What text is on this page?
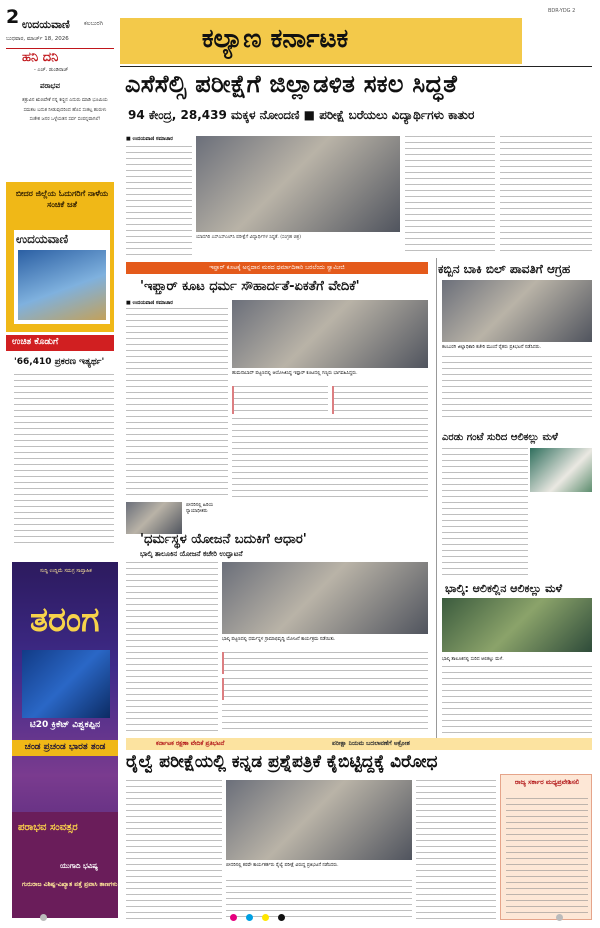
2 ಉದಯವಾಣಿ ಕಲಬುರಗಿ
ಬುಧವಾರ, ಮಾರ್ಚ್ 18, 2026	ಕಲ್ಯಾಣ ಕರ್ನಾಟಕ
BDR-YDG 2
ಹನಿ ದನಿ
- ಎಚ್. ಡುಂಡಿರಾಜ್
ಪರಾಭವ
ಶತ್ರುವಿನ ಋಣವೇಕೆ ನನ್ನ ಕಣ್ಣಿನ ಎದುರು ಮಾಡಿ ಭೂಮಿಯ ಸಮತಲ ಬದುಕ ನೀಡುವುದರಿಂದ ಹೊಸ ಸಂಕಲ್ಪ ಹುರುಳು ಸಂಕೇತ ಜನರ ಒಳ್ಳೆಯತನ ಸರ್ವ ಸಂಪನ್ನವಾಗಲೆ!
ಬೀದರ ಜಿಲ್ಲೆಯ ಓದುಗರಿಗೆ ನಾಳೆಯ ಸಂಚಿಕೆ ಜತೆ
ಉದಯವಾಣಿ
ಉಚಿತ ಕೊಡುಗೆ
'66,410 ಪ್ರಕರಣ ಇತ್ಯರ್ಥ'
ಸುದ್ದಿ ಉದ್ದಿಮೆ ಸಮಗ್ರ ಸಾಪ್ತಾಹಿಕ
ತರಂಗ
ಟಿ20 ಕ್ರಿಕೆಟ್ ವಿಶ್ವಕಪ್ಪಿನ
ಚಂಡ ಪ್ರಚಂಡ ಭಾರತ ತಂಡ
ಪರಾಭವ ಸಂವತ್ಸರ
ಯುಗಾದಿ ಭವಿಷ್ಯ
ಗುರುರಾಜ ವಿಶಿಷ್ಟ-ವಿಖ್ಯಾತ ಪತ್ತೆ ಪ್ರವಾಸಿ ತಾಣಗಳು
ಎಸೆಸೆಲ್ಸಿ ಪರೀಕ್ಷೆಗೆ ಜಿಲ್ಲಾಡಳಿತ ಸಕಲ ಸಿದ್ಧತೆ
94 ಕೇಂದ್ರ, 28,439 ಮಕ್ಕಳ ನೋಂದಣಿ ■ ಪರೀಕ್ಷೆ ಬರೆಯಲು ವಿದ್ಯಾರ್ಥಿಗಳು ಕಾತುರ
■ ಉದಯವಾಣಿ ಸಮಾಚಾರ
ಯಾದಗಿರಿ ಎಸ್ಎಸ್ಎಲ್‌ಸಿ ಪರೀಕ್ಷೆಗೆ ವಿದ್ಯಾರ್ಥಿಗಳ ಸಿದ್ಧತೆ. (ಸಂಗ್ರಹ ಚಿತ್ರ)
ಇಫ್ತಾರ್ ಕೂಟಕ್ಕೆ ಅನ್ನದಾನ ಮಠದ ಧರ್ಮಾದಿಕಾರಿ ಬರಲೆಂದು ಸ್ವಾಮೀಜಿ
'ಇಫ್ತಾರ್ ಕೂಟ ಧರ್ಮ ಸೌಹಾರ್ದತೆ-ಏಕತೆಗೆ ವೇದಿಕೆ'
■ ಉದಯವಾಣಿ ಸಮಾಚಾರ
ಹುಮನಾಬಾದ್ ಪಟ್ಟಣದಲ್ಲಿ ಆಯೋಜಿಸಿದ್ದ ಇಫ್ತಾರ್ ಕೂಟದಲ್ಲಿ ಗಣ್ಯರು ಭಾಗವಹಿಸಿದ್ದರು.
ಬೀದರಿನಲ್ಲಿ ಹಿರಿಯ ನ್ಯಾಯಾಧೀಶರು
ಕಬ್ಬಿನ ಬಾಕಿ ಬಿಲ್ ಪಾವತಿಗೆ ಆಗ್ರಹ
ಕಲಬುರಗಿ ಜಿಲ್ಲಾಧಿಕಾರಿ ಕಚೇರಿ ಮುಂದೆ ರೈತರು ಪ್ರತಿಭಟನೆ ನಡೆಸಿದರು.
ಎರಡು ಗಂಟೆ ಸುರಿದ ಆಲಿಕಲ್ಲು ಮಳೆ
ಭಾಲ್ಕಿ: ಆಲಿಕಲ್ಲಿನ ಆಲಿಕಲ್ಲು ಮಳೆ
ಭಾಲ್ಕಿ ತಾಲೂಕಿನಲ್ಲಿ ಸುರಿದ ಆಲಿಕಲ್ಲು ಮಳೆ.
'ಧರ್ಮಸ್ಥಳ ಯೋಜನೆ ಬದುಕಿಗೆ ಆಧಾರ'
ಭಾಲ್ಕಿ ತಾಲೂಕಿನ ಯೋಜನೆ ಕಚೇರಿ ಉದ್ಘಾಟನೆ
ಭಾಲ್ಕಿ ಪಟ್ಟಣದಲ್ಲಿ ಧರ್ಮಸ್ಥಳ ಗ್ರಾಮಾಭಿವೃದ್ಧಿ ಯೋಜನೆ ಕಾರ್ಯಕ್ರಮ ನಡೆಯಿತು.
ಕರ್ನಾಟಕ ರಕ್ಷಣಾ ವೇದಿಕೆ ಪ್ರತಿಭಟನೆ	ಪರೀಕ್ಷಾ ನಿಯಮ ಬದಲಾವಣೆಗೆ ಆಕ್ರೋಶ
ರೈಲ್ವೆ ಪರೀಕ್ಷೆಯಲ್ಲಿ ಕನ್ನಡ ಪ್ರಶ್ನೆಪತ್ರಿಕೆ ಕೈಬಿಟ್ಟಿದ್ದಕ್ಕೆ ವಿರೋಧ
ಬೀದರಿನಲ್ಲಿ ಕರವೇ ಕಾರ್ಯಕರ್ತರು ರೈಲ್ವೆ ಪರೀಕ್ಷೆ ವಿರುದ್ಧ ಪ್ರತಿಭಟನೆ ನಡೆಸಿದರು.
ರಾಜ್ಯ ಸರ್ಕಾರ ಮಧ್ಯಪ್ರವೇಶಿಸಲಿ
